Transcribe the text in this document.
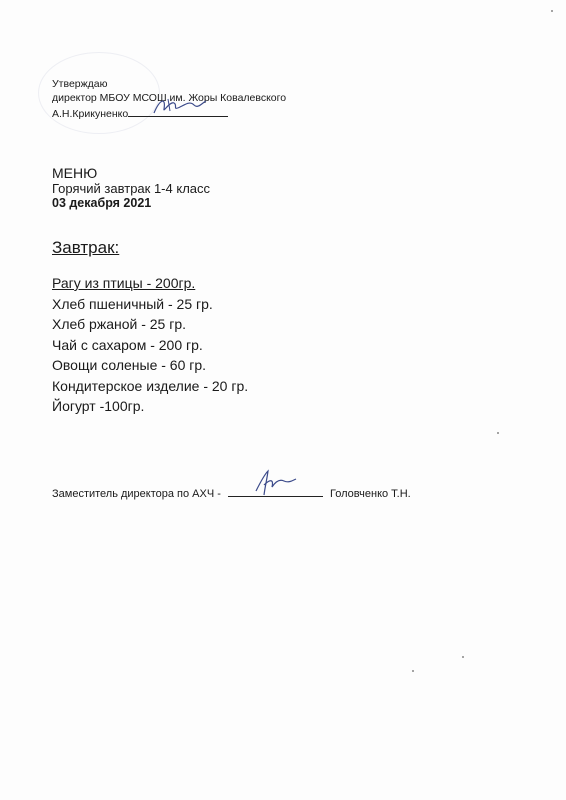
Утверждаю
директор МБОУ МСОШ им. Жоры Ковалевского
А.Н.Крикуненко
МЕНЮ
Горячий завтрак 1-4 класс
03 декабря 2021
Завтрак:
Рагу из птицы - 200гр.
Хлеб пшеничный - 25 гр.
Хлеб ржаной - 25 гр.
Чай с сахаром - 200 гр.
Овощи соленые - 60 гр.
Кондитерское изделие - 20 гр.
Йогурт -100гр.
Заместитель директора по АХЧ -	Головченко Т.Н.
